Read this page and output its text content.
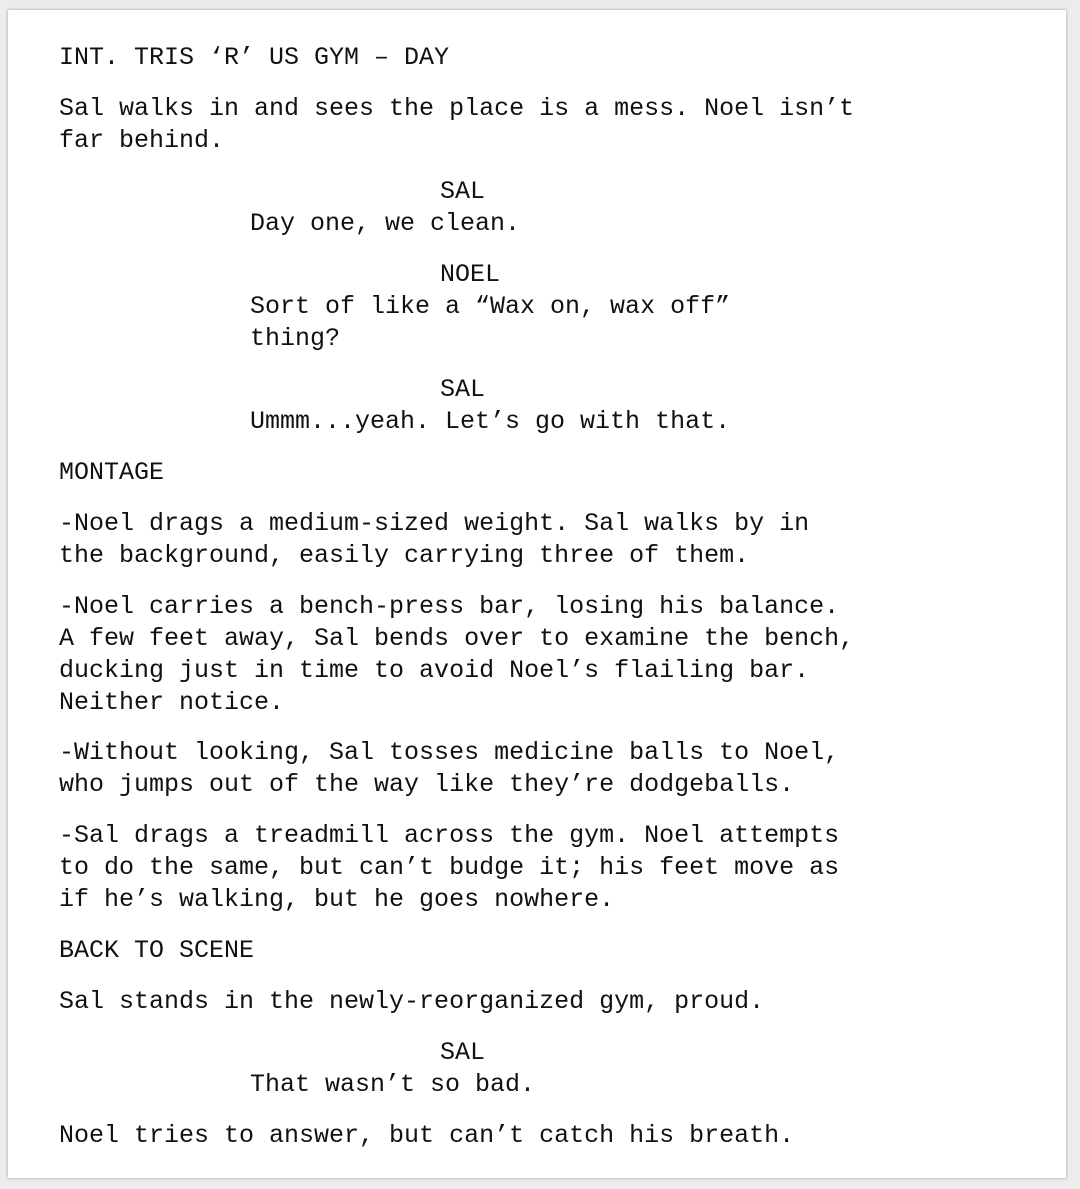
INT. TRIS ‘R’ US GYM – DAY
Sal walks in and sees the place is a mess. Noel isn’t
far behind.
SAL
Day one, we clean.
NOEL
Sort of like a “Wax on, wax off”
thing?
SAL
Ummm...yeah. Let’s go with that.
MONTAGE
-Noel drags a medium-sized weight. Sal walks by in
the background, easily carrying three of them.
-Noel carries a bench-press bar, losing his balance.
A few feet away, Sal bends over to examine the bench,
ducking just in time to avoid Noel’s flailing bar.
Neither notice.
-Without looking, Sal tosses medicine balls to Noel,
who jumps out of the way like they’re dodgeballs.
-Sal drags a treadmill across the gym. Noel attempts
to do the same, but can’t budge it; his feet move as
if he’s walking, but he goes nowhere.
BACK TO SCENE
Sal stands in the newly-reorganized gym, proud.
SAL
That wasn’t so bad.
Noel tries to answer, but can’t catch his breath.
